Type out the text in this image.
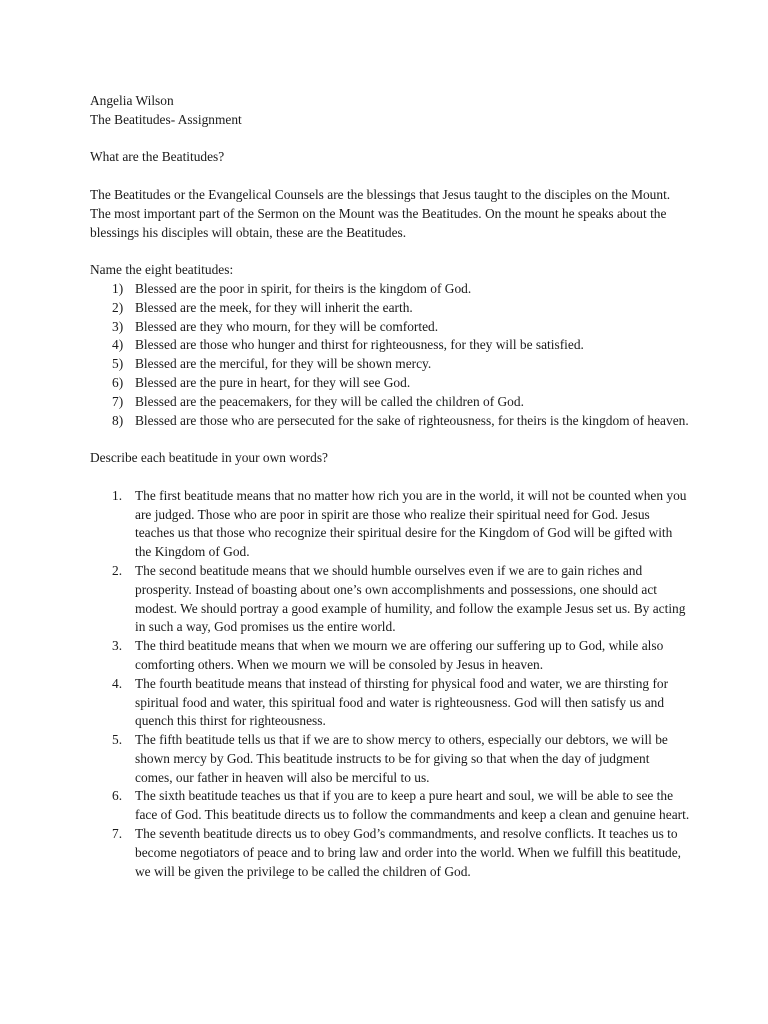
Angelia Wilson

The Beatitudes- Assignment

What are the Beatitudes?

The Beatitudes or the Evangelical Counsels are the blessings that Jesus taught to the disciples on the Mount. The most important part of the Sermon on the Mount was the Beatitudes. On the mount he speaks about the blessings his disciples will obtain, these are the Beatitudes.

Name the eight beatitudes:

1) Blessed are the poor in spirit, for theirs is the kingdom of God.
2) Blessed are the meek, for they will inherit the earth.
3) Blessed are they who mourn, for they will be comforted.
4) Blessed are those who hunger and thirst for righteousness, for they will be satisfied.
5) Blessed are the merciful, for they will be shown mercy.
6) Blessed are the pure in heart, for they will see God.
7) Blessed are the peacemakers, for they will be called the children of God.
8) Blessed are those who are persecuted for the sake of righteousness, for theirs is the kingdom of heaven.

Describe each beatitude in your own words?

1. The first beatitude means that no matter how rich you are in the world, it will not be counted when you are judged. Those who are poor in spirit are those who realize their spiritual need for God. Jesus teaches us that those who recognize their spiritual desire for the Kingdom of God will be gifted with the Kingdom of God.
2. The second beatitude means that we should humble ourselves even if we are to gain riches and prosperity. Instead of boasting about one’s own accomplishments and possessions, one should act modest. We should portray a good example of humility, and follow the example Jesus set us. By acting in such a way, God promises us the entire world.
3. The third beatitude means that when we mourn we are offering our suffering up to God, while also comforting others. When we mourn we will be consoled by Jesus in heaven.
4. The fourth beatitude means that instead of thirsting for physical food and water, we are thirsting for spiritual food and water, this spiritual food and water is righteousness. God will then satisfy us and quench this thirst for righteousness.
5. The fifth beatitude tells us that if we are to show mercy to others, especially our debtors, we will be shown mercy by God. This beatitude instructs to be for giving so that when the day of judgment comes, our father in heaven will also be merciful to us.
6. The sixth beatitude teaches us that if you are to keep a pure heart and soul, we will be able to see the face of God. This beatitude directs us to follow the commandments and keep a clean and genuine heart.
7. The seventh beatitude directs us to obey God’s commandments, and resolve conflicts. It teaches us to become negotiators of peace and to bring law and order into the world. When we fulfill this beatitude, we will be given the privilege to be called the children of God.
